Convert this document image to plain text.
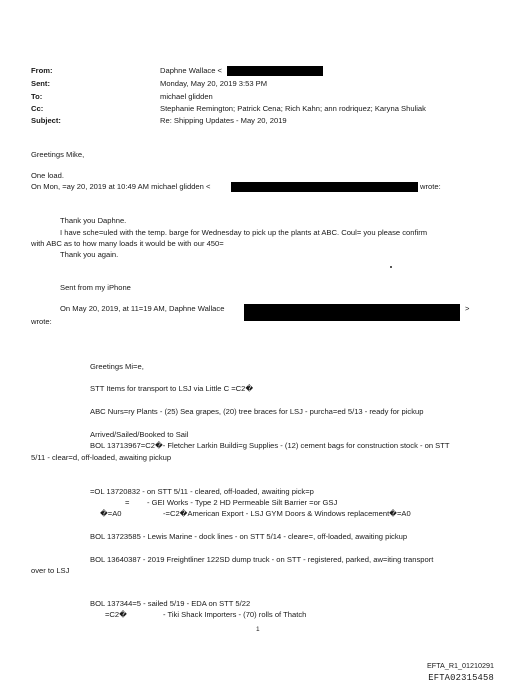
From:	Daphne Wallace <
Sent:	Monday, May 20, 2019 3:53 PM
To:	michael glidden
Cc:	Stephanie Remington; Patrick Cena; Rich Kahn; ann rodriquez; Karyna Shuliak
Subject:	Re: Shipping Updates - May 20, 2019
Greetings Mike,
One load.
On Mon, =ay 20, 2019 at 10:49 AM michael glidden <	wrote:
Thank you Daphne.
I have sche=uled with the temp. barge for Wednesday to pick up the plants at ABC. Coul= you please confirm
with ABC as to how many loads it would be with our 450=
Thank you again.
Sent from my iPhone
On May 20, 2019, at 11=19 AM, Daphne Wallace	>
wrote:
Greetings Mi=e,
STT Items for transport to LSJ via Little C =C2�
ABC Nurs=ry Plants - (25) Sea grapes, (20) tree braces for LSJ - purcha=ed 5/13 - ready for pickup
Arrived/Sailed/Booked to Sail
BOL 13713967=C2�- Fletcher Larkin Buildi=g Supplies - (12) cement bags for construction stock - on STT
5/11 - clear=d, off-loaded, awaiting pickup
=OL 13720832 - on STT 5/11 - cleared, off-loaded, awaiting pick=p
= - GEI Works - Type 2 HD Permeable Silt Barrier =or GSJ
�=A0	-=C2�American Export - LSJ GYM Doors & Windows replacement�=A0
BOL 13723585 - Lewis Marine - dock lines - on STT 5/14 - cleare=, off-loaded, awaiting pickup
BOL 13640387 - 2019 Freightliner 122SD dump truck - on STT - registered, parked, aw=iting transport
over to LSJ
BOL 137344=5 - sailed 5/19 - EDA on STT 5/22
=C2�	- Tiki Shack Importers - (70) rolls of Thatch
1
EFTA_R1_01210291
EFTA02315458
